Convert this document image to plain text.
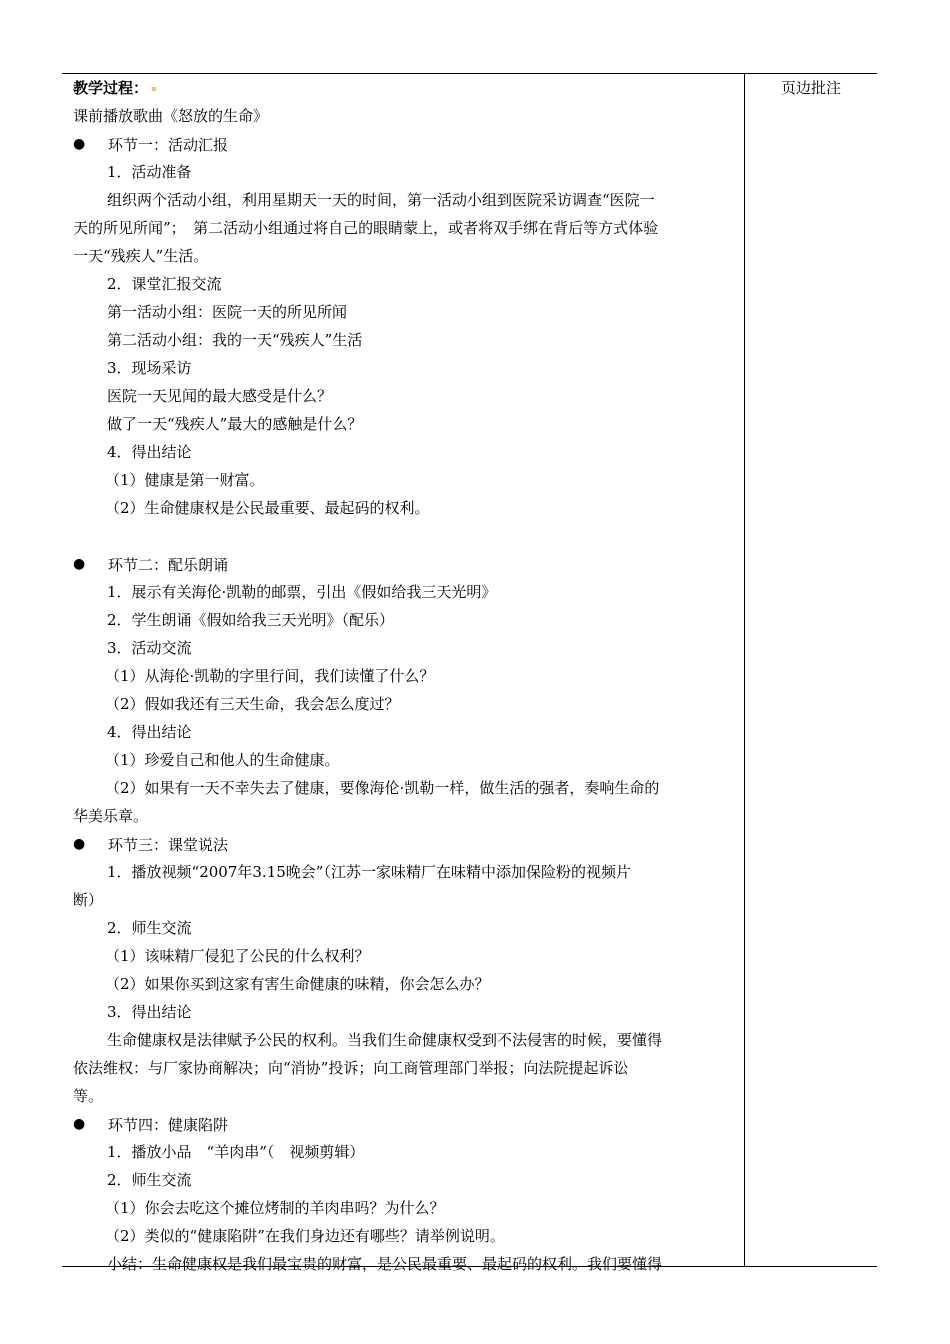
页边批注
教学过程：
课前播放歌曲《怒放的生命》
●	环节一：活动汇报
1．活动准备
组织两个活动小组，利用星期天一天的时间，第一活动小组到医院采访调查“医院一
天的所见所闻”；　第二活动小组通过将自己的眼睛蒙上，或者将双手绑在背后等方式体验
一天“残疾人”生活。
2．课堂汇报交流
第一活动小组：医院一天的所见所闻
第二活动小组：我的一天“残疾人”生活
3．现场采访
医院一天见闻的最大感受是什么？
做了一天“残疾人”最大的感触是什么？
4．得出结论
（1）健康是第一财富。
（2）生命健康权是公民最重要、最起码的权利。
●	环节二：配乐朗诵
1．展示有关海伦·凯勒的邮票，引出《假如给我三天光明》
2．学生朗诵《假如给我三天光明》（配乐）
3．活动交流
（1）从海伦·凯勒的字里行间，我们读懂了什么？
（2）假如我还有三天生命，我会怎么度过？
4．得出结论
（1）珍爱自己和他人的生命健康。
（2）如果有一天不幸失去了健康，要像海伦·凯勒一样，做生活的强者，奏响生命的
华美乐章。
●	环节三：课堂说法
1．播放视频“2007年3.15晚会”（江苏一家味精厂在味精中添加保险粉的视频片
断）
2．师生交流
（1）该味精厂侵犯了公民的什么权利？
（2）如果你买到这家有害生命健康的味精，你会怎么办？
3．得出结论
生命健康权是法律赋予公民的权利。当我们生命健康权受到不法侵害的时候，要懂得
依法维权：与厂家协商解决；向“消协”投诉；向工商管理部门举报；向法院提起诉讼
等。
●	环节四：健康陷阱
1．播放小品　“羊肉串”（　视频剪辑）
2．师生交流
（1）你会去吃这个摊位烤制的羊肉串吗？为什么？
（2）类似的“健康陷阱”在我们身边还有哪些？请举例说明。
小结：生命健康权是我们最宝贵的财富，是公民最重要、最起码的权利。我们要懂得
